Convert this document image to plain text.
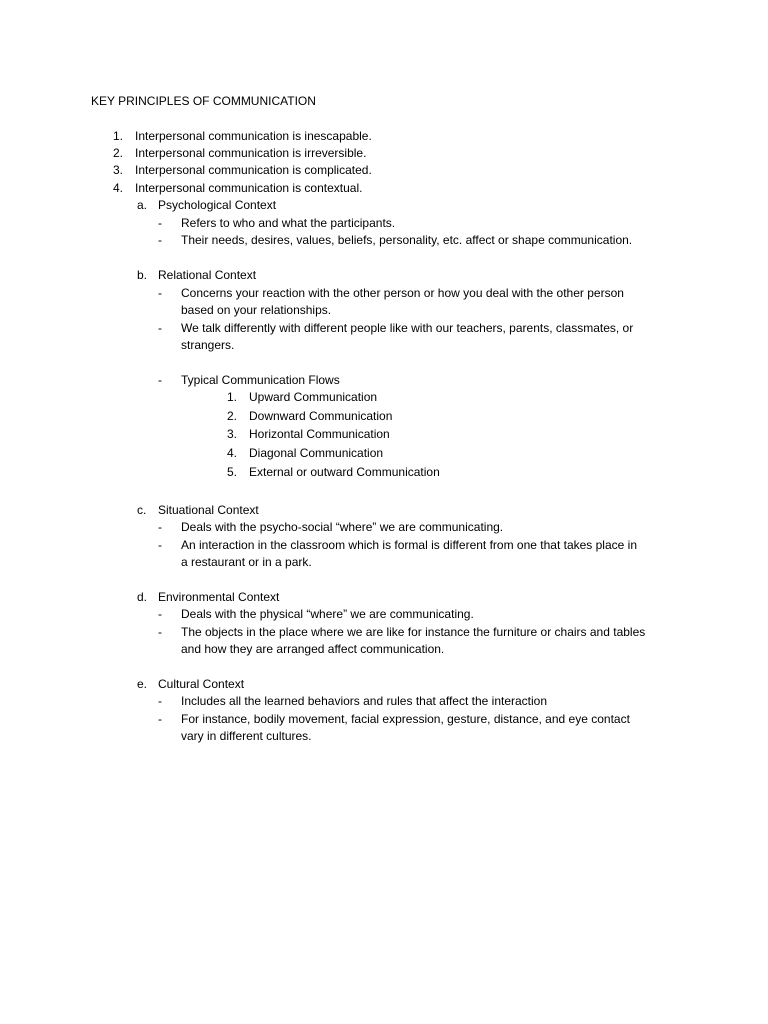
KEY PRINCIPLES OF COMMUNICATION
1. Interpersonal communication is inescapable.
2. Interpersonal communication is irreversible.
3. Interpersonal communication is complicated.
4. Interpersonal communication is contextual.
a. Psychological Context
- Refers to who and what the participants.
- Their needs, desires, values, beliefs, personality, etc. affect or shape communication.
b. Relational Context
- Concerns your reaction with the other person or how you deal with the other person
based on your relationships.
- We talk differently with different people like with our teachers, parents, classmates, or
strangers.
- Typical Communication Flows
1. Upward Communication
2. Downward Communication
3. Horizontal Communication
4. Diagonal Communication
5. External or outward Communication
c. Situational Context
- Deals with the psycho-social “where” we are communicating.
- An interaction in the classroom which is formal is different from one that takes place in
a restaurant or in a park.
d. Environmental Context
- Deals with the physical “where” we are communicating.
- The objects in the place where we are like for instance the furniture or chairs and tables
and how they are arranged affect communication.
e. Cultural Context
- Includes all the learned behaviors and rules that affect the interaction
- For instance, bodily movement, facial expression, gesture, distance, and eye contact
vary in different cultures.
